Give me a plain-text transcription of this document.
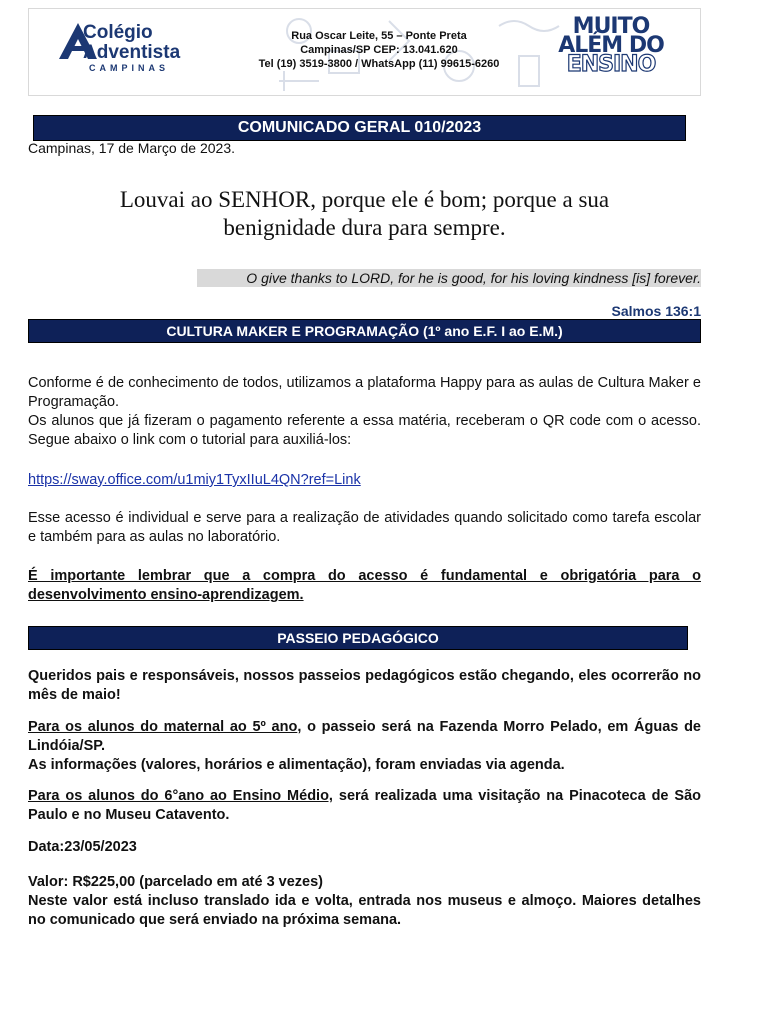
Colégio
Adventista
CAMPINAS
Rua Oscar Leite, 55 – Ponte Preta
Campinas/SP CEP: 13.041.620
Tel (19) 3519-3800 / WhatsApp (11) 99615-6260
MUITO
ALÉM DO
ENSINO
COMUNICADO GERAL 010/2023
Campinas, 17 de Março de 2023.
Louvai ao SENHOR, porque ele é bom; porque a sua
benignidade dura para sempre.
O give thanks to LORD, for he is good, for his loving kindness [is] forever.
Salmos 136:1
CULTURA MAKER E PROGRAMAÇÃO (1º ano E.F. I ao E.M.)
Conforme é de conhecimento de todos, utilizamos a plataforma Happy para as aulas de Cultura Maker e Programação.
Os alunos que já fizeram o pagamento referente a essa matéria, receberam o QR code com o acesso. Segue abaixo o link com o tutorial para auxiliá-los:
https://sway.office.com/u1miy1TyxIIuL4QN?ref=Link
Esse acesso é individual e serve para a realização de atividades quando solicitado como tarefa escolar e também para as aulas no laboratório.
É importante lembrar que a compra do acesso é fundamental e obrigatória para o desenvolvimento ensino-aprendizagem.
PASSEIO PEDAGÓGICO
Queridos pais e responsáveis, nossos passeios pedagógicos estão chegando, eles ocorrerão no mês de maio!
Para os alunos do maternal ao 5º ano, o passeio será na Fazenda Morro Pelado, em Águas de Lindóia/SP.
As informações (valores, horários e alimentação), foram enviadas via agenda.
Para os alunos do 6°ano ao Ensino Médio, será realizada uma visitação na Pinacoteca de São Paulo e no Museu Catavento.
Data:23/05/2023
Valor: R$225,00 (parcelado em até 3 vezes)
Neste valor está incluso translado ida e volta, entrada nos museus e almoço. Maiores detalhes no comunicado que será enviado na próxima semana.
